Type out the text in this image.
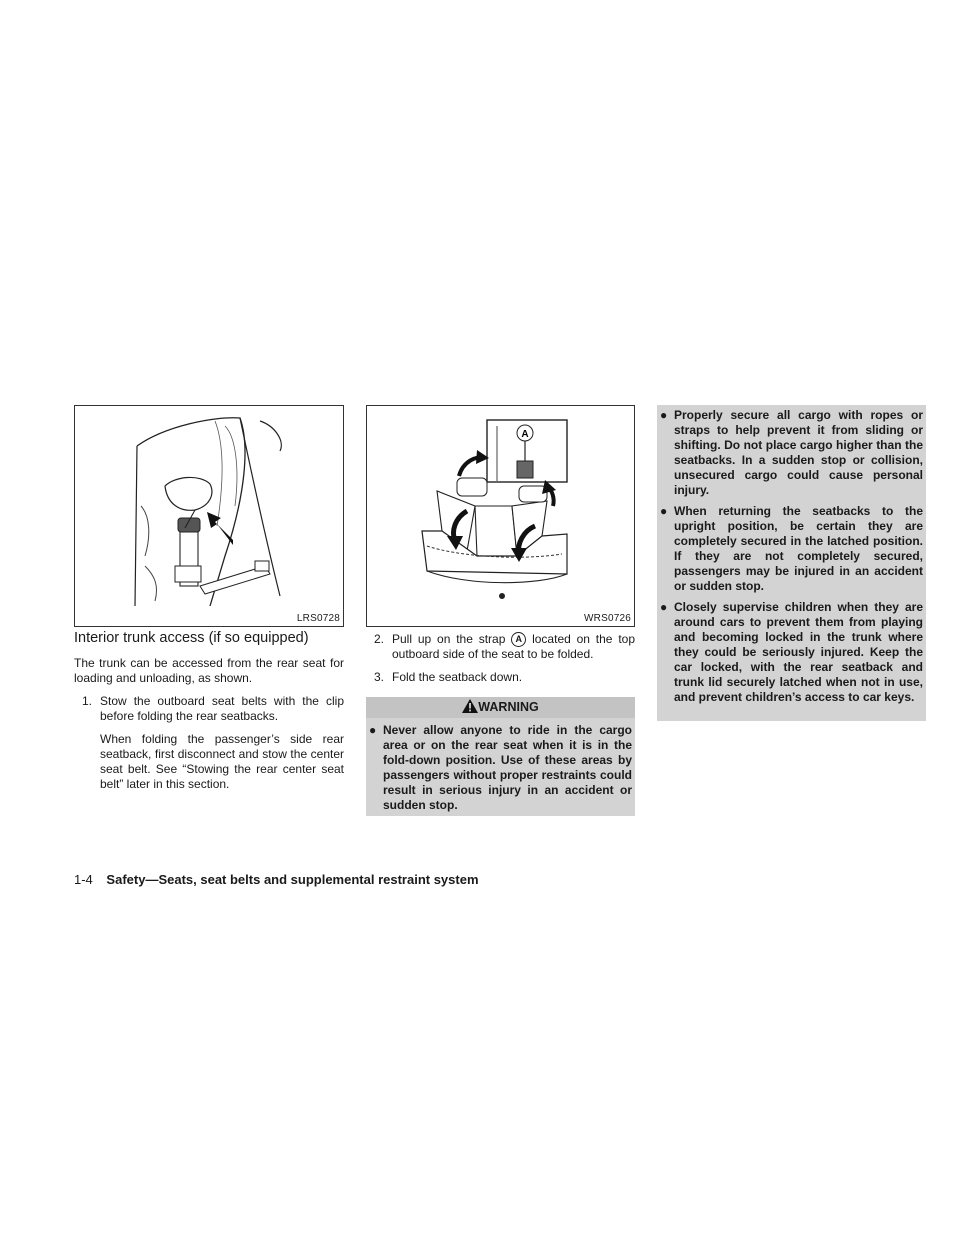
LRS0728
A
WRS0726
Interior trunk access (if so equipped)

The trunk can be accessed from the rear seat for loading and unloading, as shown.

1. Stow the outboard seat belts with the clip before folding the rear seatbacks.
When folding the passenger’s side rear seatback, first disconnect and stow the center seat belt. See “Stowing the rear center seat belt” later in this section.
2. Pull up on the strap A located on the top outboard side of the seat to be folded.
3. Fold the seatback down.
WARNING
● Never allow anyone to ride in the cargo area or on the rear seat when it is in the fold-down position. Use of these areas by passengers without proper restraints could result in serious injury in an accident or sudden stop.
● Properly secure all cargo with ropes or straps to help prevent it from sliding or shifting. Do not place cargo higher than the seatbacks. In a sudden stop or collision, unsecured cargo could cause personal injury.
● When returning the seatbacks to the upright position, be certain they are completely secured in the latched position. If they are not completely secured, passengers may be injured in an accident or sudden stop.
● Closely supervise children when they are around cars to prevent them from playing and becoming locked in the trunk where they could be seriously injured. Keep the car locked, with the rear seatback and trunk lid securely latched when not in use, and prevent children’s access to car keys.
1-4 Safety—Seats, seat belts and supplemental restraint system
